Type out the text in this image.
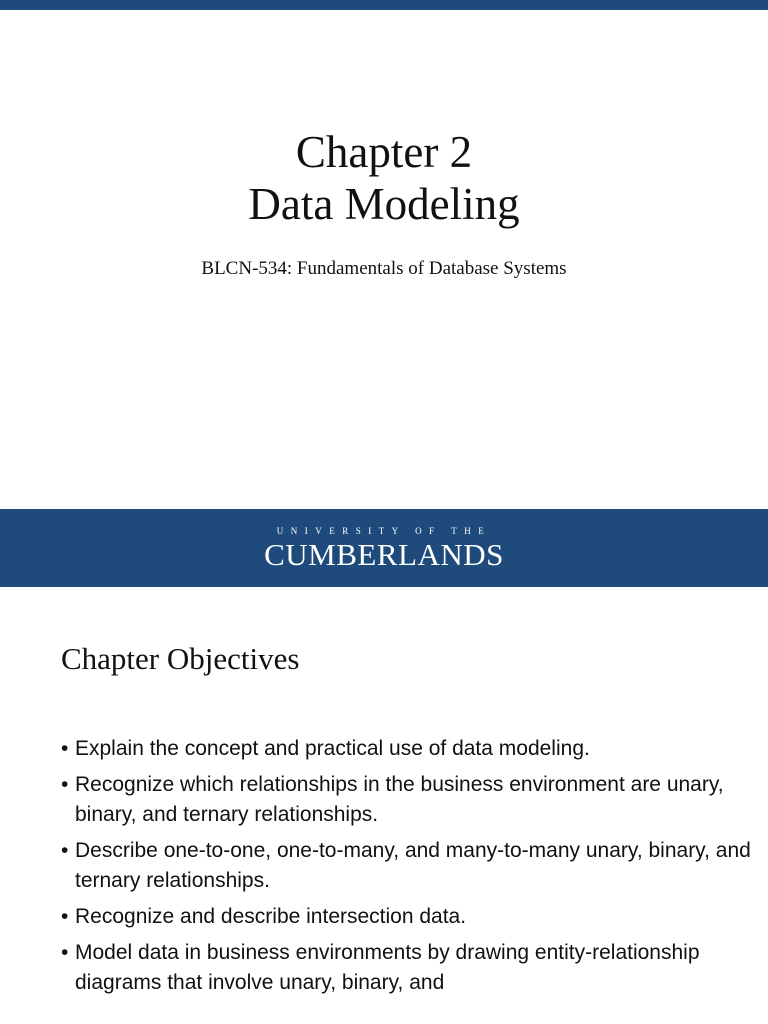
Chapter 2
Data Modeling
BLCN-534: Fundamentals of Database Systems
UNIVERSITY OF THE
CUMBERLANDS
Chapter Objectives
• Explain the concept and practical use of data modeling.
• Recognize which relationships in the business environment are unary, binary, and ternary relationships.
• Describe one-to-one, one-to-many, and many-to-many unary, binary, and ternary relationships.
• Recognize and describe intersection data.
• Model data in business environments by drawing entity-relationship diagrams that involve unary, binary, and
